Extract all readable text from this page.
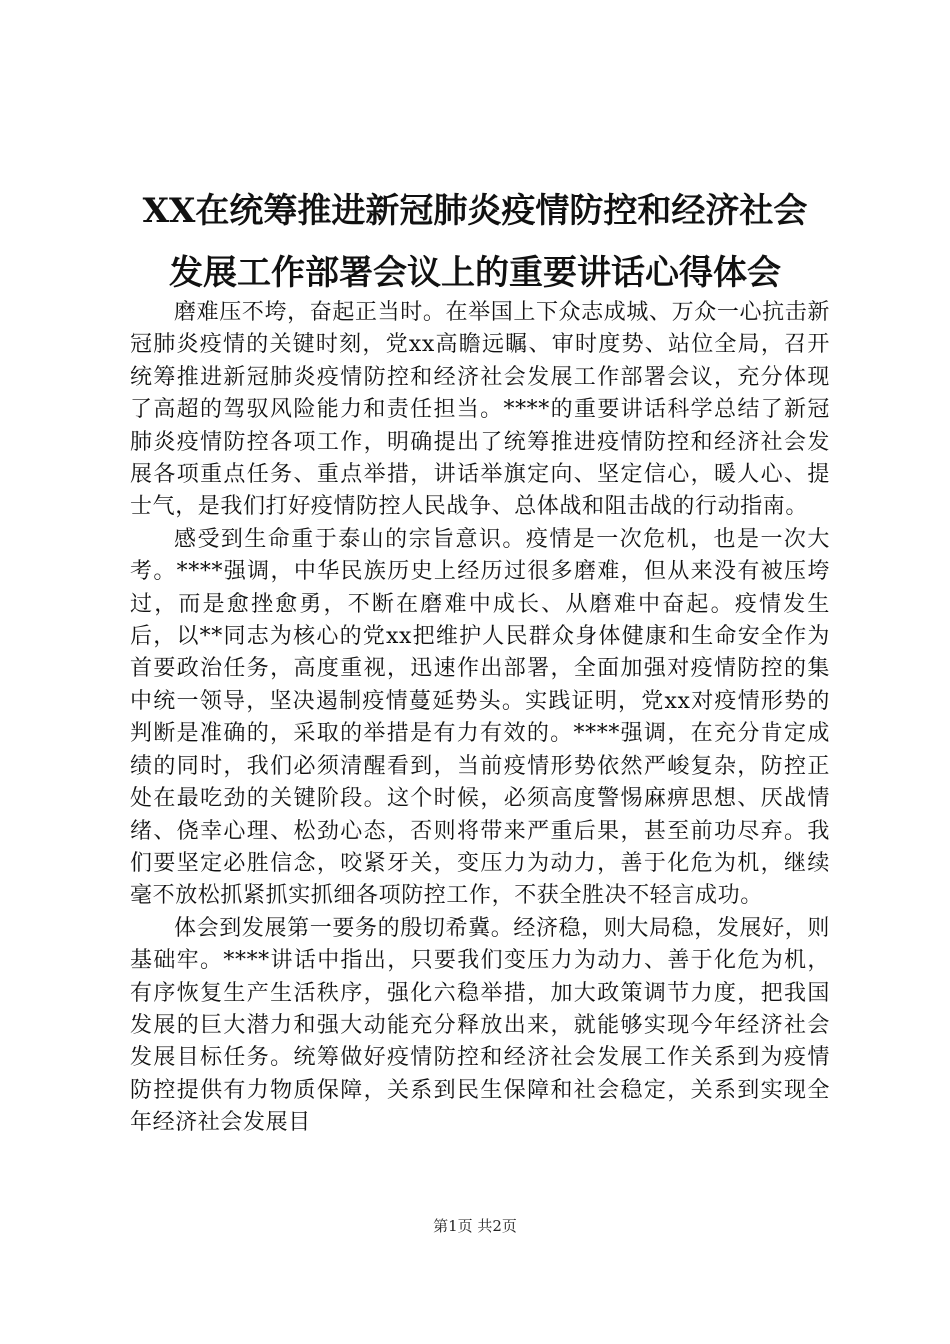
XX在统筹推进新冠肺炎疫情防控和经济社会
发展工作部署会议上的重要讲话心得体会

磨难压不垮，奋起正当时。在举国上下众志成城、万众一心抗击新冠肺炎疫情的关键时刻，党xx高瞻远瞩、审时度势、站位全局，召开统筹推进新冠肺炎疫情防控和经济社会发展工作部署会议，充分体现了高超的驾驭风险能力和责任担当。****的重要讲话科学总结了新冠肺炎疫情防控各项工作，明确提出了统筹推进疫情防控和经济社会发展各项重点任务、重点举措，讲话举旗定向、坚定信心，暖人心、提士气，是我们打好疫情防控人民战争、总体战和阻击战的行动指南。

感受到生命重于泰山的宗旨意识。疫情是一次危机，也是一次大考。****强调，中华民族历史上经历过很多磨难，但从来没有被压垮过，而是愈挫愈勇，不断在磨难中成长、从磨难中奋起。疫情发生后，以**同志为核心的党xx把维护人民群众身体健康和生命安全作为首要政治任务，高度重视，迅速作出部署，全面加强对疫情防控的集中统一领导，坚决遏制疫情蔓延势头。实践证明，党xx对疫情形势的判断是准确的，采取的举措是有力有效的。****强调，在充分肯定成绩的同时，我们必须清醒看到，当前疫情形势依然严峻复杂，防控正处在最吃劲的关键阶段。这个时候，必须高度警惕麻痹思想、厌战情绪、侥幸心理、松劲心态，否则将带来严重后果，甚至前功尽弃。我们要坚定必胜信念，咬紧牙关，变压力为动力，善于化危为机，继续毫不放松抓紧抓实抓细各项防控工作，不获全胜决不轻言成功。

体会到发展第一要务的殷切希冀。经济稳，则大局稳，发展好，则基础牢。****讲话中指出，只要我们变压力为动力、善于化危为机，有序恢复生产生活秩序，强化六稳举措，加大政策调节力度，把我国发展的巨大潜力和强大动能充分释放出来，就能够实现今年经济社会发展目标任务。统筹做好疫情防控和经济社会发展工作关系到为疫情防控提供有力物质保障，关系到民生保障和社会稳定，关系到实现全年经济社会发展目

第1页 共2页
